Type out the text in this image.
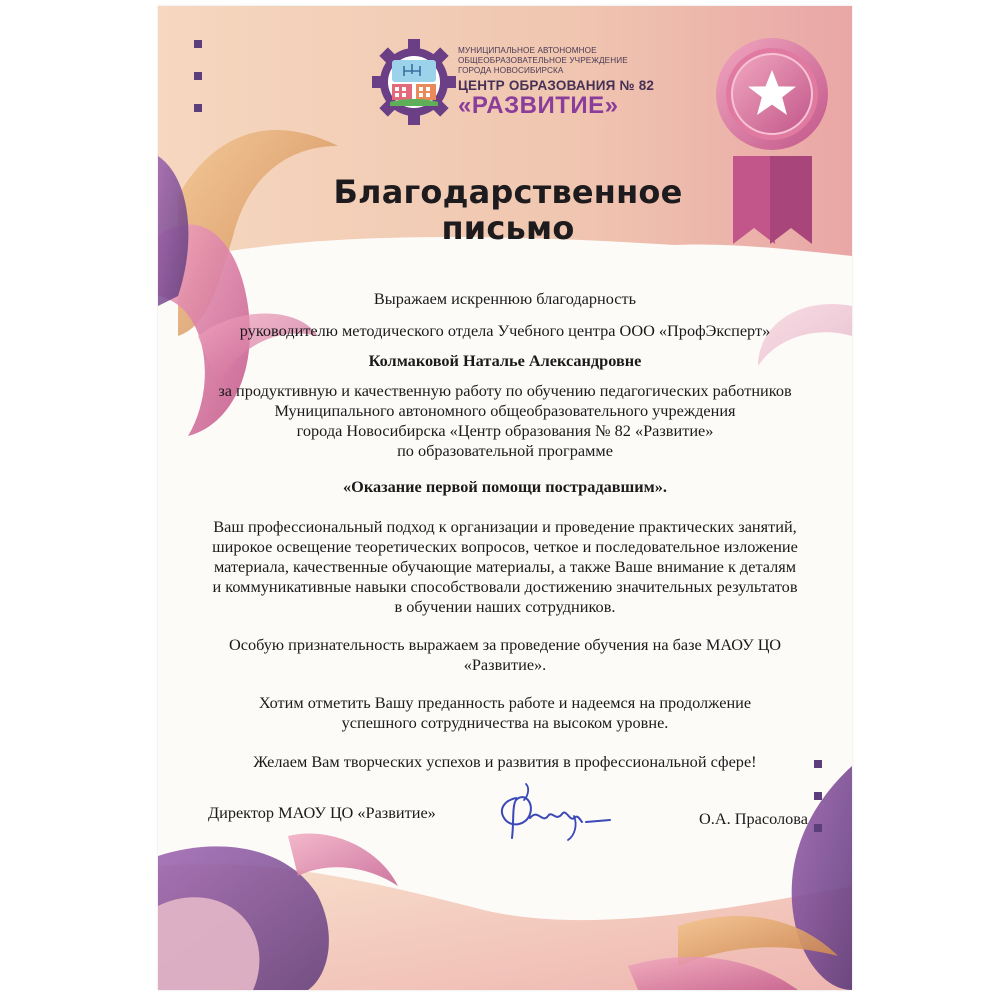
МУНИЦИПАЛЬНОЕ АВТОНОМНОЕ
ОБЩЕОБРАЗОВАТЕЛЬНОЕ УЧРЕЖДЕНИЕ
ГОРОДА НОВОСИБИРСКА
ЦЕНТР ОБРАЗОВАНИЯ № 82
«РАЗВИТИЕ»
Благодарственное
письмо
Выражаем искреннюю благодарность
руководителю методического отдела Учебного центра ООО «ПрофЭксперт»
Колмаковой Наталье Александровне
за продуктивную и качественную работу по обучению педагогических работников
Муниципального автономного общеобразовательного учреждения
города Новосибирска «Центр образования № 82 «Развитие»
по образовательной программе
«Оказание первой помощи пострадавшим».
Ваш профессиональный подход к организации и проведение практических занятий,
широкое освещение теоретических вопросов, четкое и последовательное изложение
материала, качественные обучающие материалы, а также Ваше внимание к деталям
и коммуникативные навыки способствовали достижению значительных результатов
в обучении наших сотрудников.
Особую признательность выражаем за проведение обучения на базе МАОУ ЦО
«Развитие».
Хотим отметить Вашу преданность работе и надеемся на продолжение
успешного сотрудничества на высоком уровне.
Желаем Вам творческих успехов и развития в профессиональной сфере!
Директор МАОУ ЦО «Развитие»	О.А. Прасолова
